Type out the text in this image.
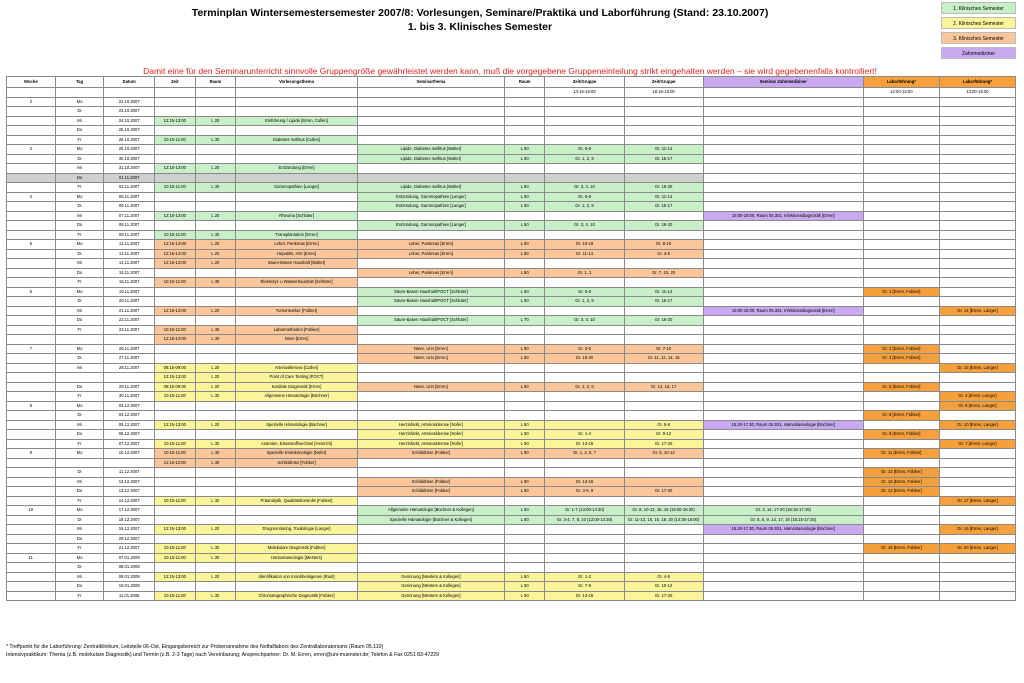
Terminplan Wintersemestersemester 2007/8: Vorlesungen, Seminare/Praktika und Laborführung (Stand: 23.10.2007)
1. bis 3. Klinisches Semester
1. Klinisches Semester
2. Klinisches Semester
3. Klinisches Semester
Zahnmediziner
Damit eine für den Seminarunterricht sinnvolle Gruppengröße gewährleistet werden kann, muß die vorgegebene Gruppeneinteilung strikt eingehalten werden – sie wird gegebenenfalls kontrolliert!
Woche	Tag	Datum	Zeit	Raum	Vorlesungsthema	Seminarthema	Raum	Zeit/Gruppe	Zeit/Gruppe	Seminar Zahnmediziner	Laborführung*	Laborführung*
								14:15-16:00	16:15-18:00		12:00-14:00	13:00-15:00
2	Mo	22.10.2007										
	Di	23.10.2007										
	Mi	24.10.2007	12:15-13:00	L 20	Einführung / Lipide [Erren, Cullen]							
	Do	25.10.2007										
	Fr	26.10.2007	10:15-11:00	L 30	Diabetes mellitus [Cullen]							
3	Mo	29.10.2007				Lipide, Diabetes mellitus [Walter]	L 60	Gr. 5-8	Gr. 11-14			
	Di	30.10.2007				Lipide, Diabetes mellitus [Walter]	L 60	Gr. 1, 2, 9	Gr. 15-17			
	Mi	31.10.2007	12:15-13:00	L 20	Entzündung [Erren]							
	Do	01.11.2007										
	Fr	02.11.2007	10:15-11:00	L 30	Gammopathien [Langer]	Lipide, Diabetes mellitus [Walter]	L 60	Gr. 3, 4, 10	Gr. 18-20			
4	Mo	05.11.2007				Entzündung, Gammopathien [Langer]	L 60	Gr. 5-8	Gr. 11-14			
	Di	06.11.2007				Entzündung, Gammopathien [Langer]	L 60	Gr. 1, 2, 9	Gr. 15-17			
	Mi	07.11.2007	12:15-13:00	L 20	Rheuma [Schlüter]					16:00-18:00, Raum 05.301, Infektionsdiagnostik [Erren]		
	Do	08.11.2007				Entzündung, Gammopathien [Langer]	L 60	Gr. 3, 4, 10	Gr. 18-20			
	Fr	09.11.2007	10:15-11:00	L 30	Transplantation [Erren]							
5	Mo	12.11.2007	12:15-13:00	L 20	Leber, Pankreas [Erren]	Leber, Pankreas [Erren]	L 60	Gr. 16-19	Gr. 8-10			
	Di	13.11.2007	12:15-13:00	L 20	Hepatitis, HIV [Erren]	Leber, Pankreas [Erren]	L 60	Gr. 11-14	Gr. 3-6			
	Mi	14.11.2007	12:15-13:00	L 20	Säure-Basen Haushalt [Walter]							
	Do	15.11.2007				Leber, Pankreas [Erren]	L 60	Gr. 1, 2	Gr. 7, 15, 20			
	Fr	16.11.2007	10:15-11:00	L 30	Elektrolyt- u Wasserhaushalt [Schlüter]							
6	Mo	19.11.2007				Säure-Basen Haushalt/POCT [Schlüter]	L 60	Gr. 5-8	Gr. 11-14		Gr. 1 [Erren, Fobker]	
	Di	20.11.2007				Säure-Basen Haushalt/POCT [Schlüter]	L 60	Gr. 1, 2, 9	Gr. 15-17			
	Mi	21.11.2007	12:15-13:00	L 20	Tumormarker [Fobker]					16:00-18:00, Raum 05.301, Infektionsdiagnostik [Erren]		Gr. 14 [Erren, Langer]
	Do	22.11.2007				Säure-Basen Haushalt/POCT [Schlüter]	L 70	Gr. 3, 4, 10	Gr. 18-20			
	Fr	23.11.2007	10:15-11:00	L 30	Labormethoden [Fobker]							
			12:15-13:00	L 30	Niere [Erren]							
7	Mo	26.11.2007				Niere, Urin [Erren]	L 60	Gr. 3-5	Gr. 7-10		Gr. 2 [Erren, Fobker]	
	Di	27.11.2007				Niere, Urin [Erren]	L 60	Gr. 18-20	Gr. 11, 12, 14, 15		Gr. 3 [Erren, Fobker]	
	Mi	28.11.2007	08:15-09:00	L 20	Arteriosklerose [Cullen]							Gr. 15 [Erren, Langer]
			12:15-13:00	L 20	Point of Care Testing [POCT]							
	Do	29.11.2007	08:15-09:00	L 20	Kardiale Diagnostik [Erren]	Niere, Urin [Erren]	L 60	Gr. 1, 2, 6	Gr. 13, 16, 17		Gr. 5 [Erren, Fobker]	
	Fr	30.11.2007	10:15-11:00	L 30	Allgemeine Hämatologie [Büchner]							Gr. 4 [Erren, Langer]
8	Mo	03.12.2007										Gr. 6 [Erren, Langer]
	Di	04.12.2007									Gr. 8 [Erren, Fobker]	
	Mi	05.12.2007	12:15-13:00	L 20	Spezielle Hämatologie [Büchner]	Herzinfarkt, Arteriosklerose [Nofer]	L 60		Gr. 5-8	15.30-17.30, Raum 05.301, Hämostaseologie [Büchner]		Gr. 10 [Erren, Langer]
	Do	06.12.2007				Herzinfarkt, Arteriosklerose [Nofer]	L 60	Gr. 1-4	Gr. 9-12		Gr. 8 [Erren, Fobker]	
	Fr	07.12.2007	10:15-11:00	L 30	Anämien, Eisenstoffwechsel [Heinrich]	Herzinfarkt, Arteriosklerose [Nofer]	L 60	Gr. 13-16	Gr. 17-20			Gr. 7 [Erren, Langer]
9	Mo	10.12.2007	10:15-11:00	L 30	Spezielle Endokrinologie [Nofer]	Schilddrüse [Fobker]	L 60	Gr. 1, 2, 6, 7	Gr. 8, 10-12		Gr. 11 [Erren, Fobker]	
			11:15-12:00	L 30	Schilddrüse [Fobker]							
	Di	11.12.2007									Gr. 12 [Erren, Fobker]	
	Mi	12.12.2007				Schilddrüse [Fobker]	L 60	Gr. 13-16			Gr. 18 [Erren, Fobker]	
	Do	13.12.2007				Schilddrüse [Fobker]	L 60	Gr. 3-5, 9	Gr. 17-20		Gr. 13 [Erren, Fobker]	
	Fr	14.12.2007	10:15-11:00	L 30	Präanalytik, Qualitätskontrolle [Fobker]							Gr. 17 [Erren, Langer]
10	Mo	17.12.2007				Allgemeine Hämatologie [Büchner & Kollegen]	L 60	Gr. 1-7 (13:00-14:30)	Gr. 8, 10-13, 15, 16 (15:00-16:30)	Gr. 3, 14, 17-20 (16:15-17:45)		
	Di	18.12.2007				Spezielle Hämatologie [Büchner & Kollegen]	L 60	Gr. 3-4, 7, 8, 10 (13:00-14:30)	Gr. 11-13, 15, 16, 19, 20 (14:30-16:00)	Gr. 5, 6, 9, 14, 17, 18 (16:15-17:45)		
	Mi	19.12.2007	12:15-13:00	L 20	Drugmonitoring, Toxikologie [Langer]					15.30-17.30, Raum 05.301, Hämostaseologie [Büchner]		Gr. 16 [Erren, Langer]
	Do	20.12.2007										
	Fr	21.12.2007	10:15-11:00	L 30	Molekulare Diagnostik [Fobker]						Gr. 19 [Erren, Fobker]	Gr. 20 [Erren, Langer]
11	Mo	07.01.2008	10:15-11:00	L 30	Hämostaseologie [Mesters]							
	Di	08.01.2008										
	Mi	09.01.2008	12:15-13:00	L 20	Identifikation von Krankheitsgenen [Rust]	Gerinnung [Mesters & Kollegen]	L 60	Gr. 1-3	Gr. 4-6			
	Do	10.01.2008				Gerinnung [Mesters & Kollegen]	L 60	Gr. 7-9	Gr. 10-12			
	Fr	11.01.2008	10:15-11:00	L 30	Chromatographische Diagnostik [Fobker]	Gerinnung [Mesters & Kollegen]	L 60	Gr. 13-16	Gr. 17-20			
* Treffpunkt für die Laborführung: Zentralklinikum, Leitstelle 06-Ost, Eingangsbereich zur Probenannahme des Notfalllabors des Zentrallaboratoriums (Raum 05.110)
Intensivpraktikum: Thema (z.B. molekulare Diagnostik) und Termin (z.B. 2-3 Tage) nach Vereinbarung; Ansprechpartner: Dr. M. Erren, erren@uni-muenster.de; Telefon & Fax 0251 83-47229
